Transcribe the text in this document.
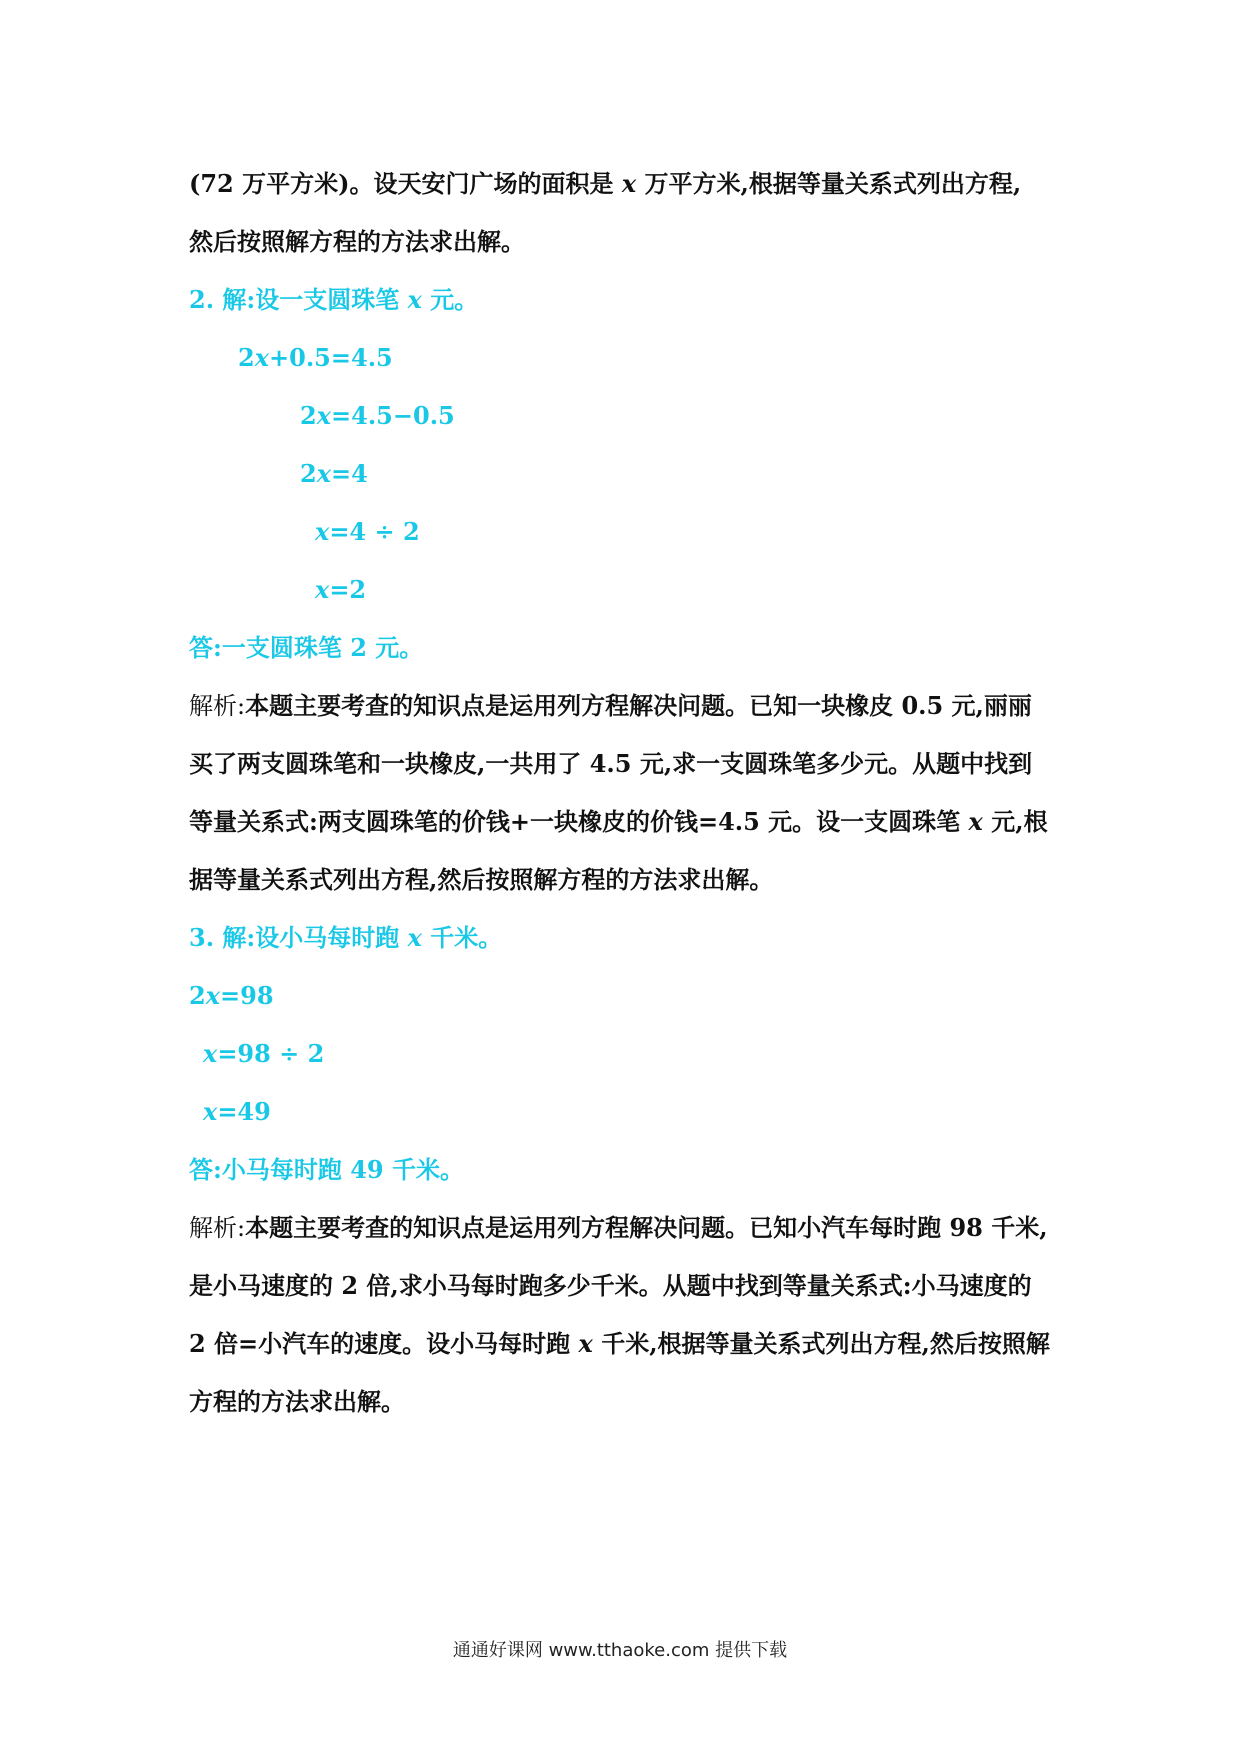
(72 万平方米)。设天安门广场的面积是 x 万平方米,根据等量关系式列出方程,
然后按照解方程的方法求出解。
2. 解:设一支圆珠笔 x 元。
2x+0.5=4.5
2x=4.5−0.5
2x=4
x=4 ÷ 2
x=2
答:一支圆珠笔 2 元。
解析:本题主要考查的知识点是运用列方程解决问题。已知一块橡皮 0.5 元,丽丽
买了两支圆珠笔和一块橡皮,一共用了 4.5 元,求一支圆珠笔多少元。从题中找到
等量关系式:两支圆珠笔的价钱+一块橡皮的价钱=4.5 元。设一支圆珠笔 x 元,根
据等量关系式列出方程,然后按照解方程的方法求出解。
3. 解:设小马每时跑 x 千米。
2x=98
x=98 ÷ 2
x=49
答:小马每时跑 49 千米。
解析:本题主要考查的知识点是运用列方程解决问题。已知小汽车每时跑 98 千米,
是小马速度的 2 倍,求小马每时跑多少千米。从题中找到等量关系式:小马速度的
2 倍=小汽车的速度。设小马每时跑 x 千米,根据等量关系式列出方程,然后按照解
方程的方法求出解。
通通好课网 www.tthaoke.com 提供下载
